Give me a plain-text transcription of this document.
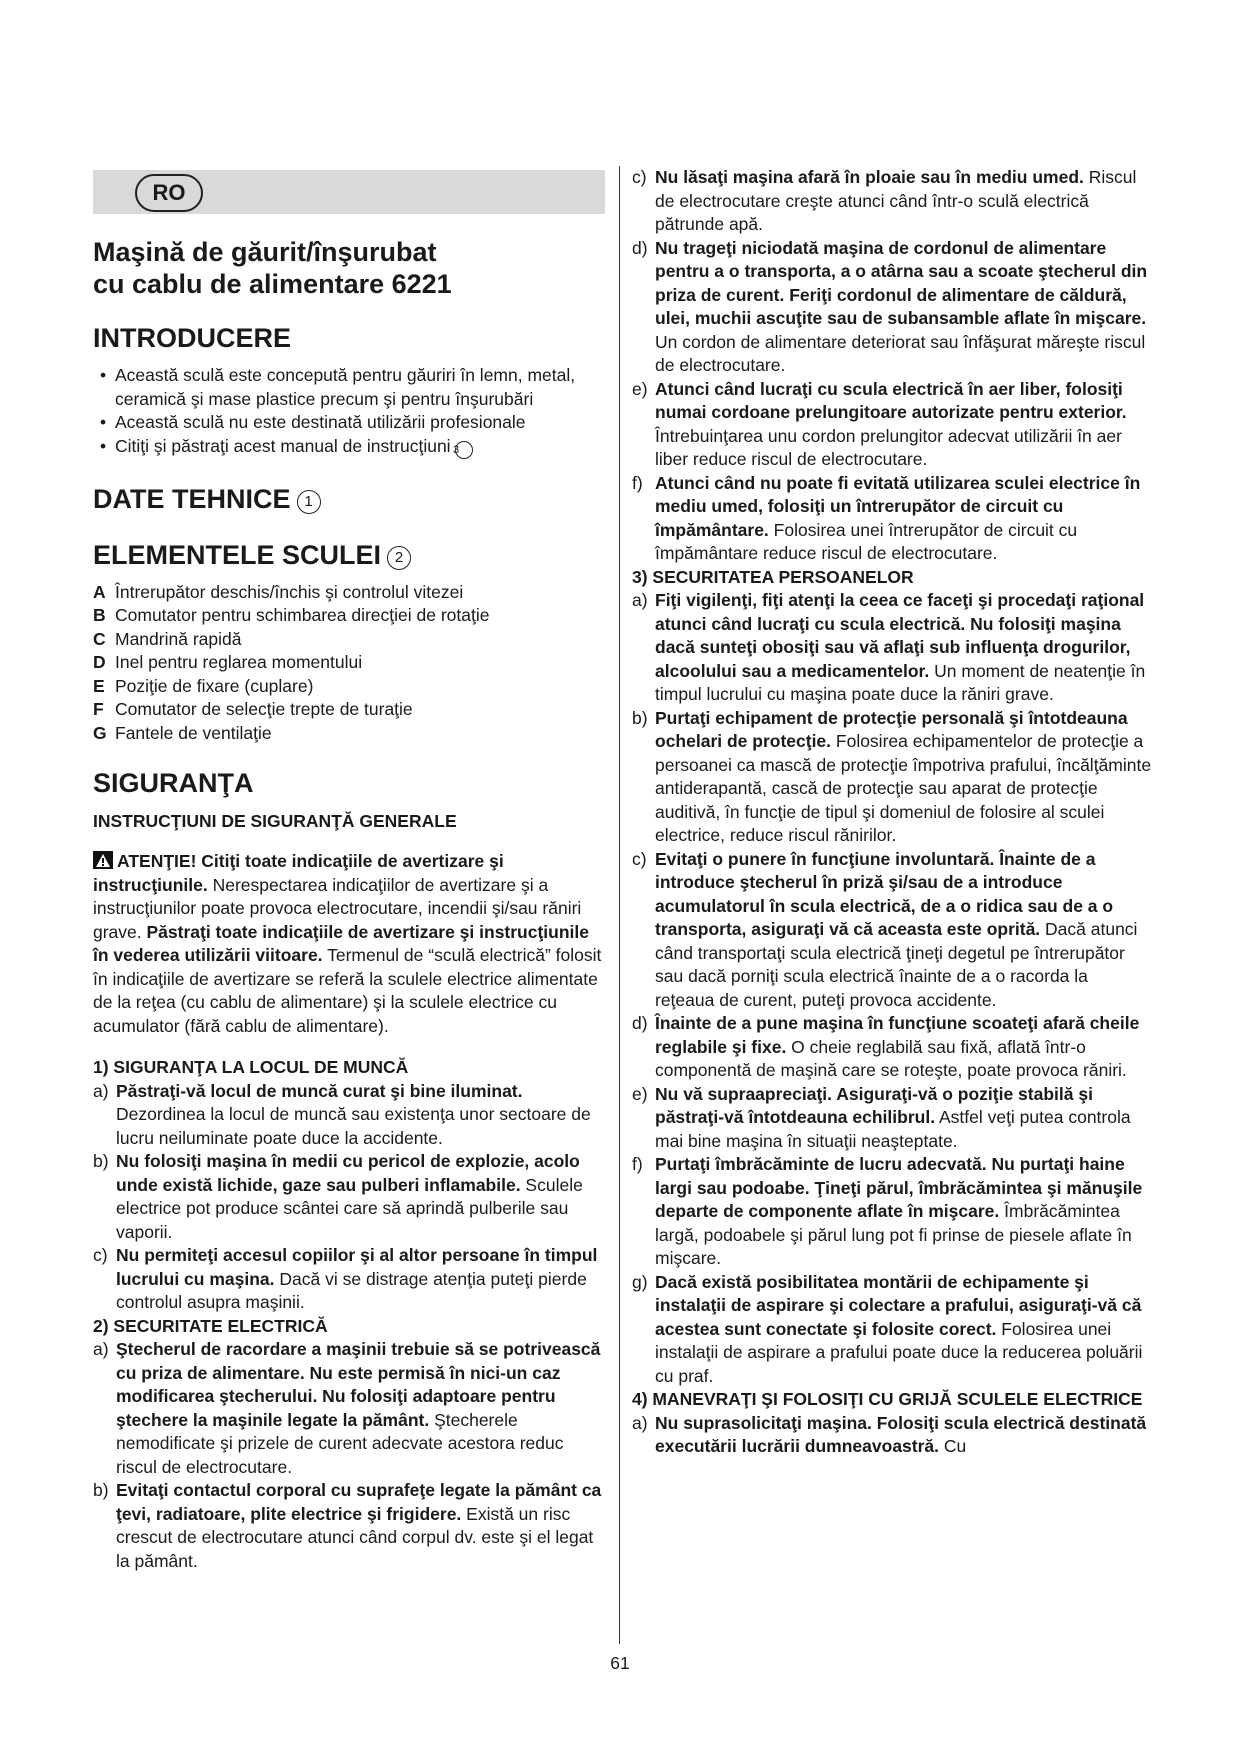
RO
Maşină de găurit/înşurubat
cu cablu de alimentare 6221
INTRODUCERE

• Această sculă este concepută pentru găuriri în lemn, metal, ceramică şi mase plastice precum şi pentru înşurubări

• Această sculă nu este destinată utilizării profesionale

• Citiţi şi păstraţi acest manual de instrucţiuni 3

DATE TEHNICE 1
ELEMENTELE SCULEI 2

A Întrerupător deschis/închis şi controlul vitezei

B Comutator pentru schimbarea direcţiei de rotaţie

C Mandrină rapidă

D Inel pentru reglarea momentului

E Poziţie de fixare (cuplare)

F Comutator de selecţie trepte de turaţie

G Fantele de ventilaţie

SIGURANŢA
INSTRUCŢIUNI DE SIGURANŢĂ GENERALE

ATENŢIE! Citiţi toate indicaţiile de avertizare şi instrucţiunile. Nerespectarea indicaţiilor de avertizare şi a instrucţiunilor poate provoca electrocutare, incendii şi/sau răniri grave. Păstraţi toate indicaţiile de avertizare şi instrucţiunile în vederea utilizării viitoare. Termenul de “sculă electrică” folosit în indicaţiile de avertizare se referă la sculele electrice alimentate de la reţea (cu cablu de alimentare) şi la sculele electrice cu acumulator (fără cablu de alimentare).

1) SIGURANŢA LA LOCUL DE MUNCĂ

a) Păstraţi-vă locul de muncă curat şi bine iluminat. Dezordinea la locul de muncă sau existenţa unor sectoare de lucru neiluminate poate duce la accidente.

b) Nu folosiţi maşina în medii cu pericol de explozie, acolo unde există lichide, gaze sau pulberi inflamabile. Sculele electrice pot produce scântei care să aprindă pulberile sau vaporii.

c) Nu permiteţi accesul copiilor şi al altor persoane în timpul lucrului cu maşina. Dacă vi se distrage atenţia puteţi pierde controlul asupra maşinii.

2) SECURITATE ELECTRICĂ

a) Ştecherul de racordare a maşinii trebuie să se potrivească cu priza de alimentare. Nu este permisă în nici-un caz modificarea ştecherului. Nu folosiţi adaptoare pentru ştechere la maşinile legate la pământ. Ştecherele nemodificate şi prizele de curent adecvate acestora reduc riscul de electrocutare.

b) Evitaţi contactul corporal cu suprafeţe legate la pământ ca ţevi, radiatoare, plite electrice şi frigidere. Există un risc crescut de electrocutare atunci când corpul dv. este şi el legat la pământ.

c) Nu lăsaţi maşina afară în ploaie sau în mediu umed. Riscul de electrocutare creşte atunci când într-o sculă electrică pătrunde apă.

d) Nu trageţi niciodată maşina de cordonul de alimentare pentru a o transporta, a o atârna sau a scoate ştecherul din priza de curent. Feriţi cordonul de alimentare de căldură, ulei, muchii ascuţite sau de subansamble aflate în mişcare. Un cordon de alimentare deteriorat sau înfăşurat măreşte riscul de electrocutare.

e) Atunci când lucraţi cu scula electrică în aer liber, folosiţi numai cordoane prelungitoare autorizate pentru exterior. Întrebuinţarea unu cordon prelungitor adecvat utilizării în aer liber reduce riscul de electrocutare.

f) Atunci când nu poate fi evitată utilizarea sculei electrice în mediu umed, folosiţi un întrerupător de circuit cu împământare. Folosirea unei întrerupător de circuit cu împământare reduce riscul de electrocutare.

3) SECURITATEA PERSOANELOR

a) Fiţi vigilenţi, fiţi atenţi la ceea ce faceţi şi procedaţi raţional atunci când lucraţi cu scula electrică. Nu folosiţi maşina dacă sunteţi obosiţi sau vă aflaţi sub influenţa drogurilor, alcoolului sau a medicamentelor. Un moment de neatenţie în timpul lucrului cu maşina poate duce la răniri grave.

b) Purtaţi echipament de protecţie personală şi întotdeauna ochelari de protecţie. Folosirea echipamentelor de protecţie a persoanei ca mască de protecţie împotriva prafului, încălţăminte antiderapantă, cască de protecţie sau aparat de protecţie auditivă, în funcţie de tipul şi domeniul de folosire al sculei electrice, reduce riscul rănirilor.

c) Evitaţi o punere în funcţiune involuntară. Înainte de a introduce ştecherul în priză şi/sau de a introduce acumulatorul în scula electrică, de a o ridica sau de a o transporta, asiguraţi vă că aceasta este oprită. Dacă atunci când transportaţi scula electrică ţineţi degetul pe întrerupător sau dacă porniţi scula electrică înainte de a o racorda la reţeaua de curent, puteţi provoca accidente.

d) Înainte de a pune maşina în funcţiune scoateţi afară cheile reglabile şi fixe. O cheie reglabilă sau fixă, aflată într-o componentă de maşină care se roteşte, poate provoca răniri.

e) Nu vă supraapreciaţi. Asiguraţi-vă o poziţie stabilă şi păstraţi-vă întotdeauna echilibrul. Astfel veţi putea controla mai bine maşina în situaţii neaşteptate.

f) Purtaţi îmbrăcăminte de lucru adecvată. Nu purtaţi haine largi sau podoabe. Ţineţi părul, îmbrăcămintea şi mănuşile departe de componente aflate în mişcare. Îmbrăcămintea largă, podoabele şi părul lung pot fi prinse de piesele aflate în mişcare.

g) Dacă există posibilitatea montării de echipamente şi instalaţii de aspirare şi colectare a prafului, asiguraţi-vă că acestea sunt conectate şi folosite corect. Folosirea unei instalaţii de aspirare a prafului poate duce la reducerea poluării cu praf.

4) MANEVRAŢI ŞI FOLOSIŢI CU GRIJĂ SCULELE ELECTRICE

a) Nu suprasolicitaţi maşina. Folosiţi scula electrică destinată executării lucrării dumneavoastră. Cu

61
